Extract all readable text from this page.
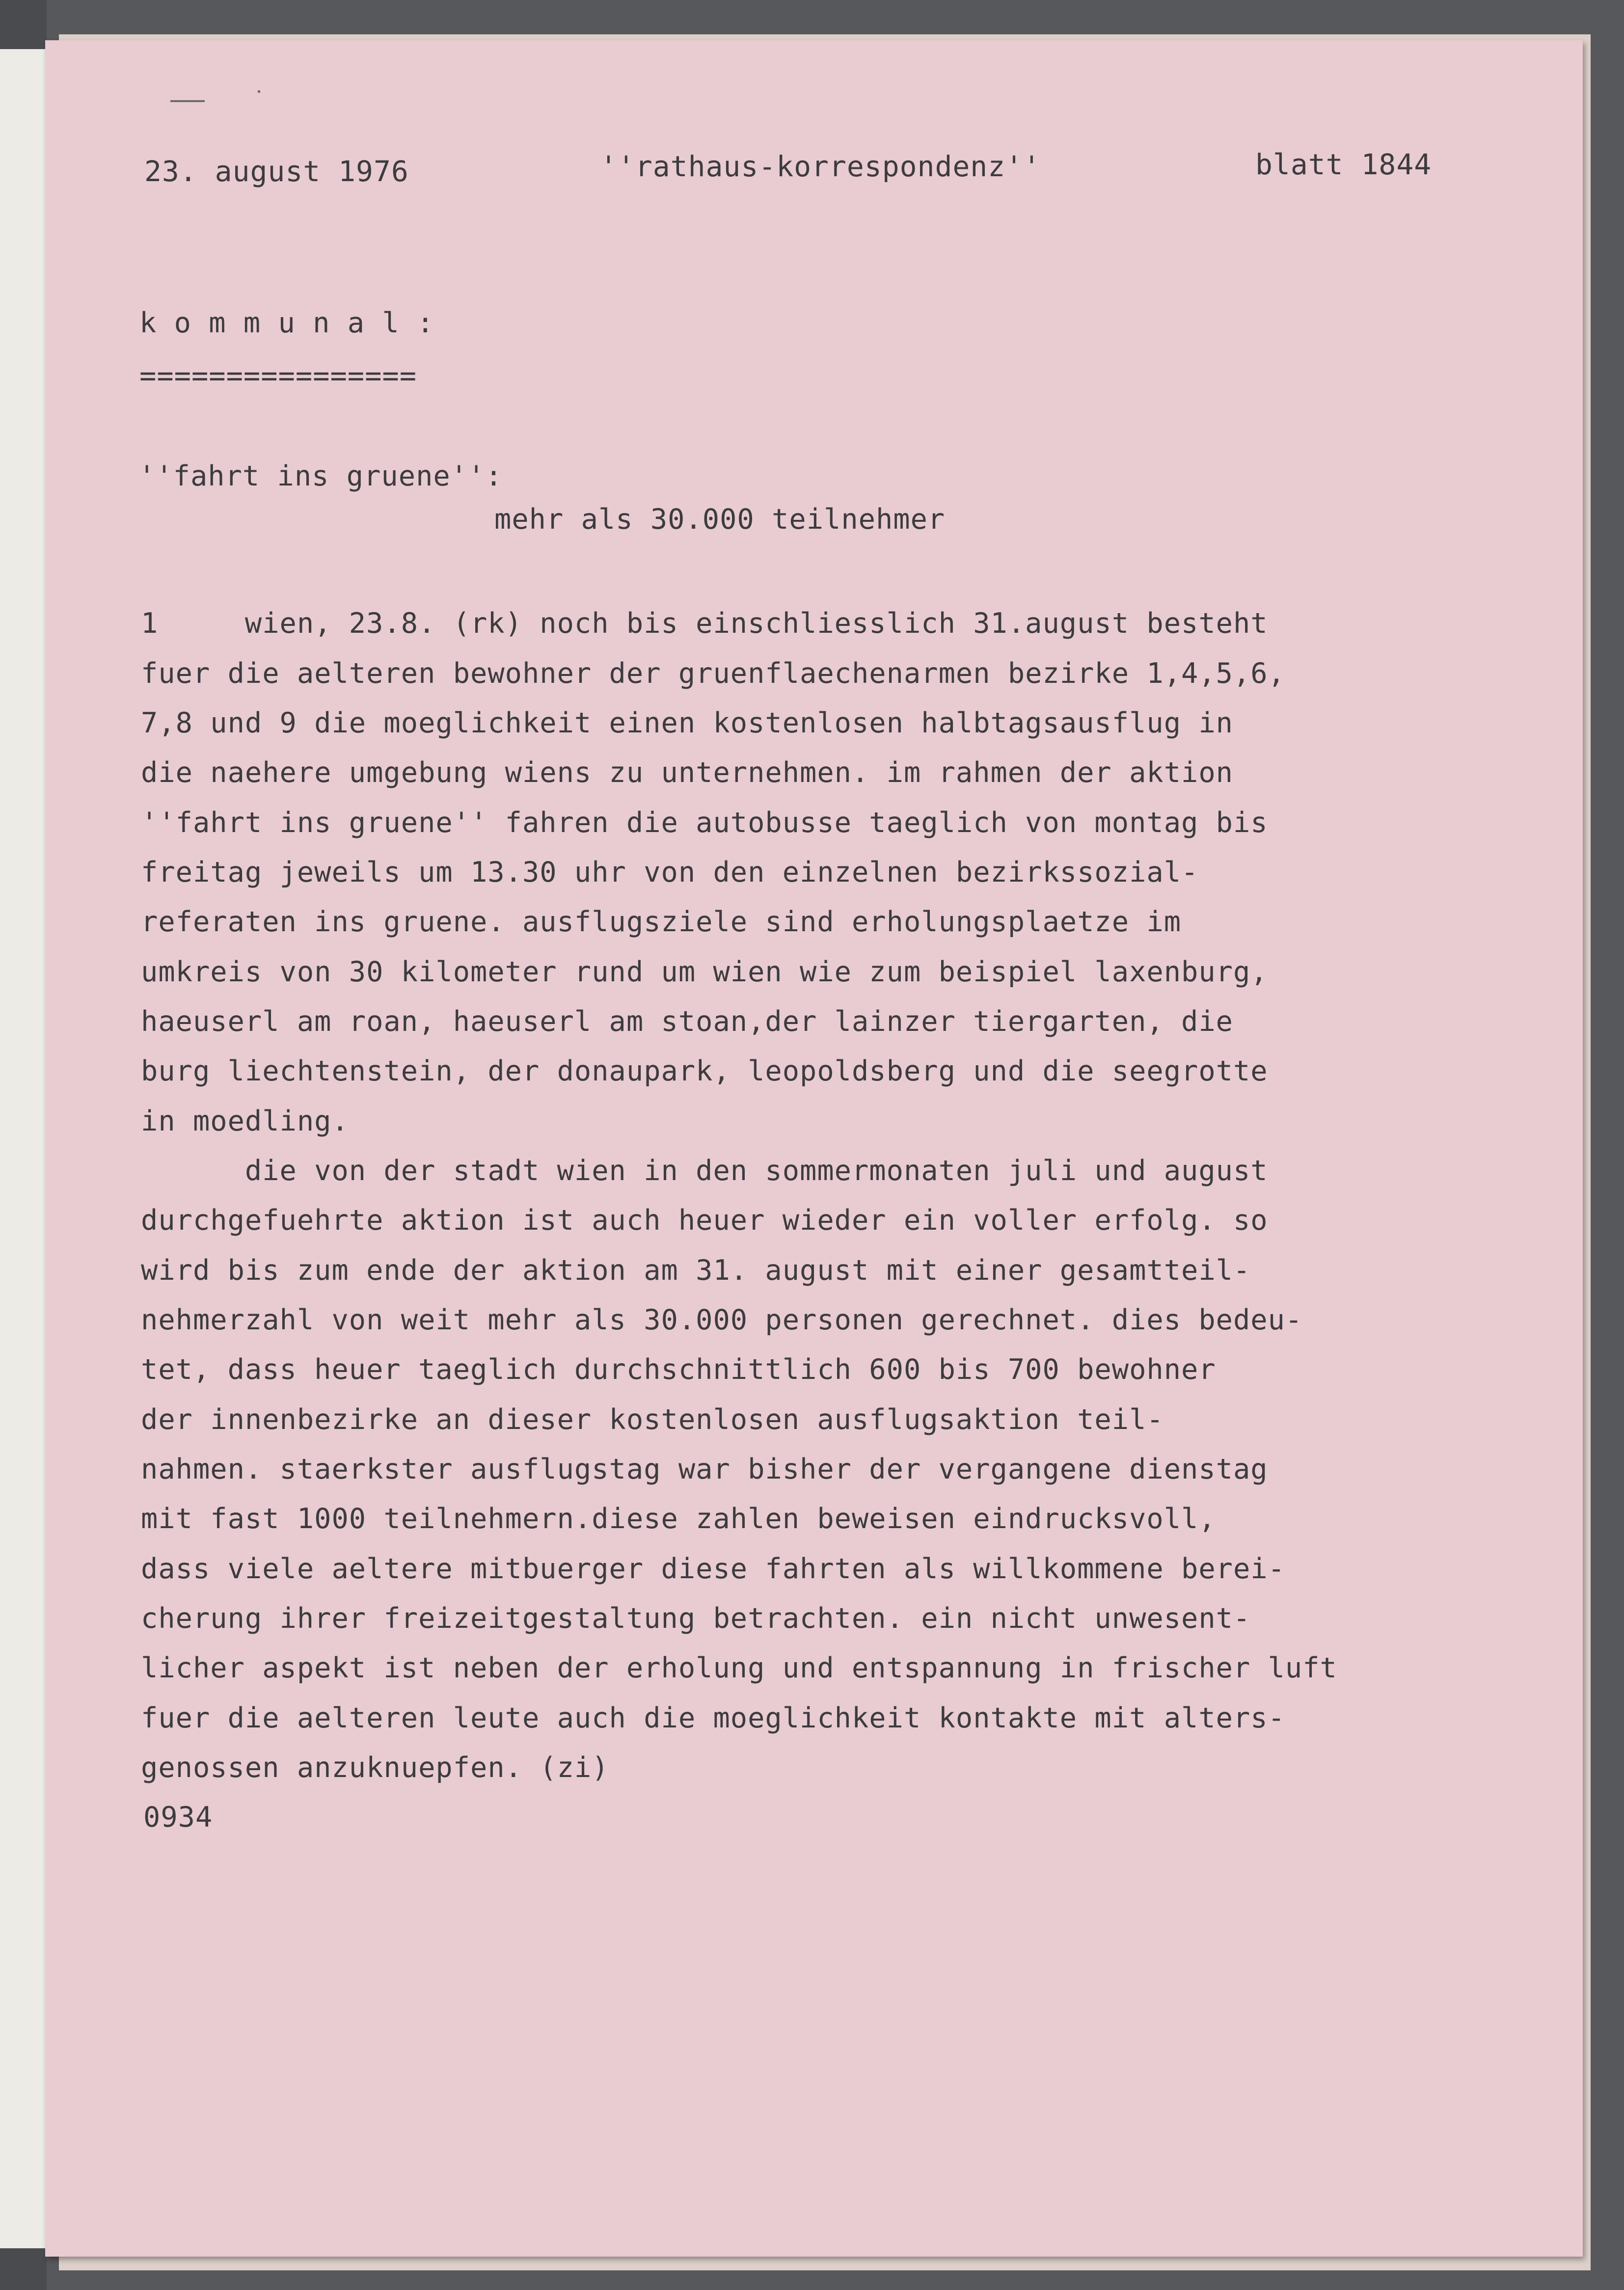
23. august 1976	''rathaus-korrespondenz''	blatt 1844

k o m m u n a l :

================

''fahrt ins gruene'':

mehr als 30.000 teilnehmer

1     wien, 23.8. (rk) noch bis einschliesslich 31.august besteht

fuer die aelteren bewohner der gruenflaechenarmen bezirke 1,4,5,6,

7,8 und 9 die moeglichkeit einen kostenlosen halbtagsausflug in

die naehere umgebung wiens zu unternehmen. im rahmen der aktion

''fahrt ins gruene'' fahren die autobusse taeglich von montag bis

freitag jeweils um 13.30 uhr von den einzelnen bezirkssozial-

referaten ins gruene. ausflugsziele sind erholungsplaetze im

umkreis von 30 kilometer rund um wien wie zum beispiel laxenburg,

haeuserl am roan, haeuserl am stoan,der lainzer tiergarten, die

burg liechtenstein, der donaupark, leopoldsberg und die seegrotte

in moedling.

die von der stadt wien in den sommermonaten juli und august

durchgefuehrte aktion ist auch heuer wieder ein voller erfolg. so

wird bis zum ende der aktion am 31. august mit einer gesamtteil-

nehmerzahl von weit mehr als 30.000 personen gerechnet. dies bedeu-

tet, dass heuer taeglich durchschnittlich 600 bis 700 bewohner

der innenbezirke an dieser kostenlosen ausflugsaktion teil-

nahmen. staerkster ausflugstag war bisher der vergangene dienstag

mit fast 1000 teilnehmern.diese zahlen beweisen eindrucksvoll,

dass viele aeltere mitbuerger diese fahrten als willkommene berei-

cherung ihrer freizeitgestaltung betrachten. ein nicht unwesent-

licher aspekt ist neben der erholung und entspannung in frischer luft

fuer die aelteren leute auch die moeglichkeit kontakte mit alters-

genossen anzuknuepfen. (zi)

0934
